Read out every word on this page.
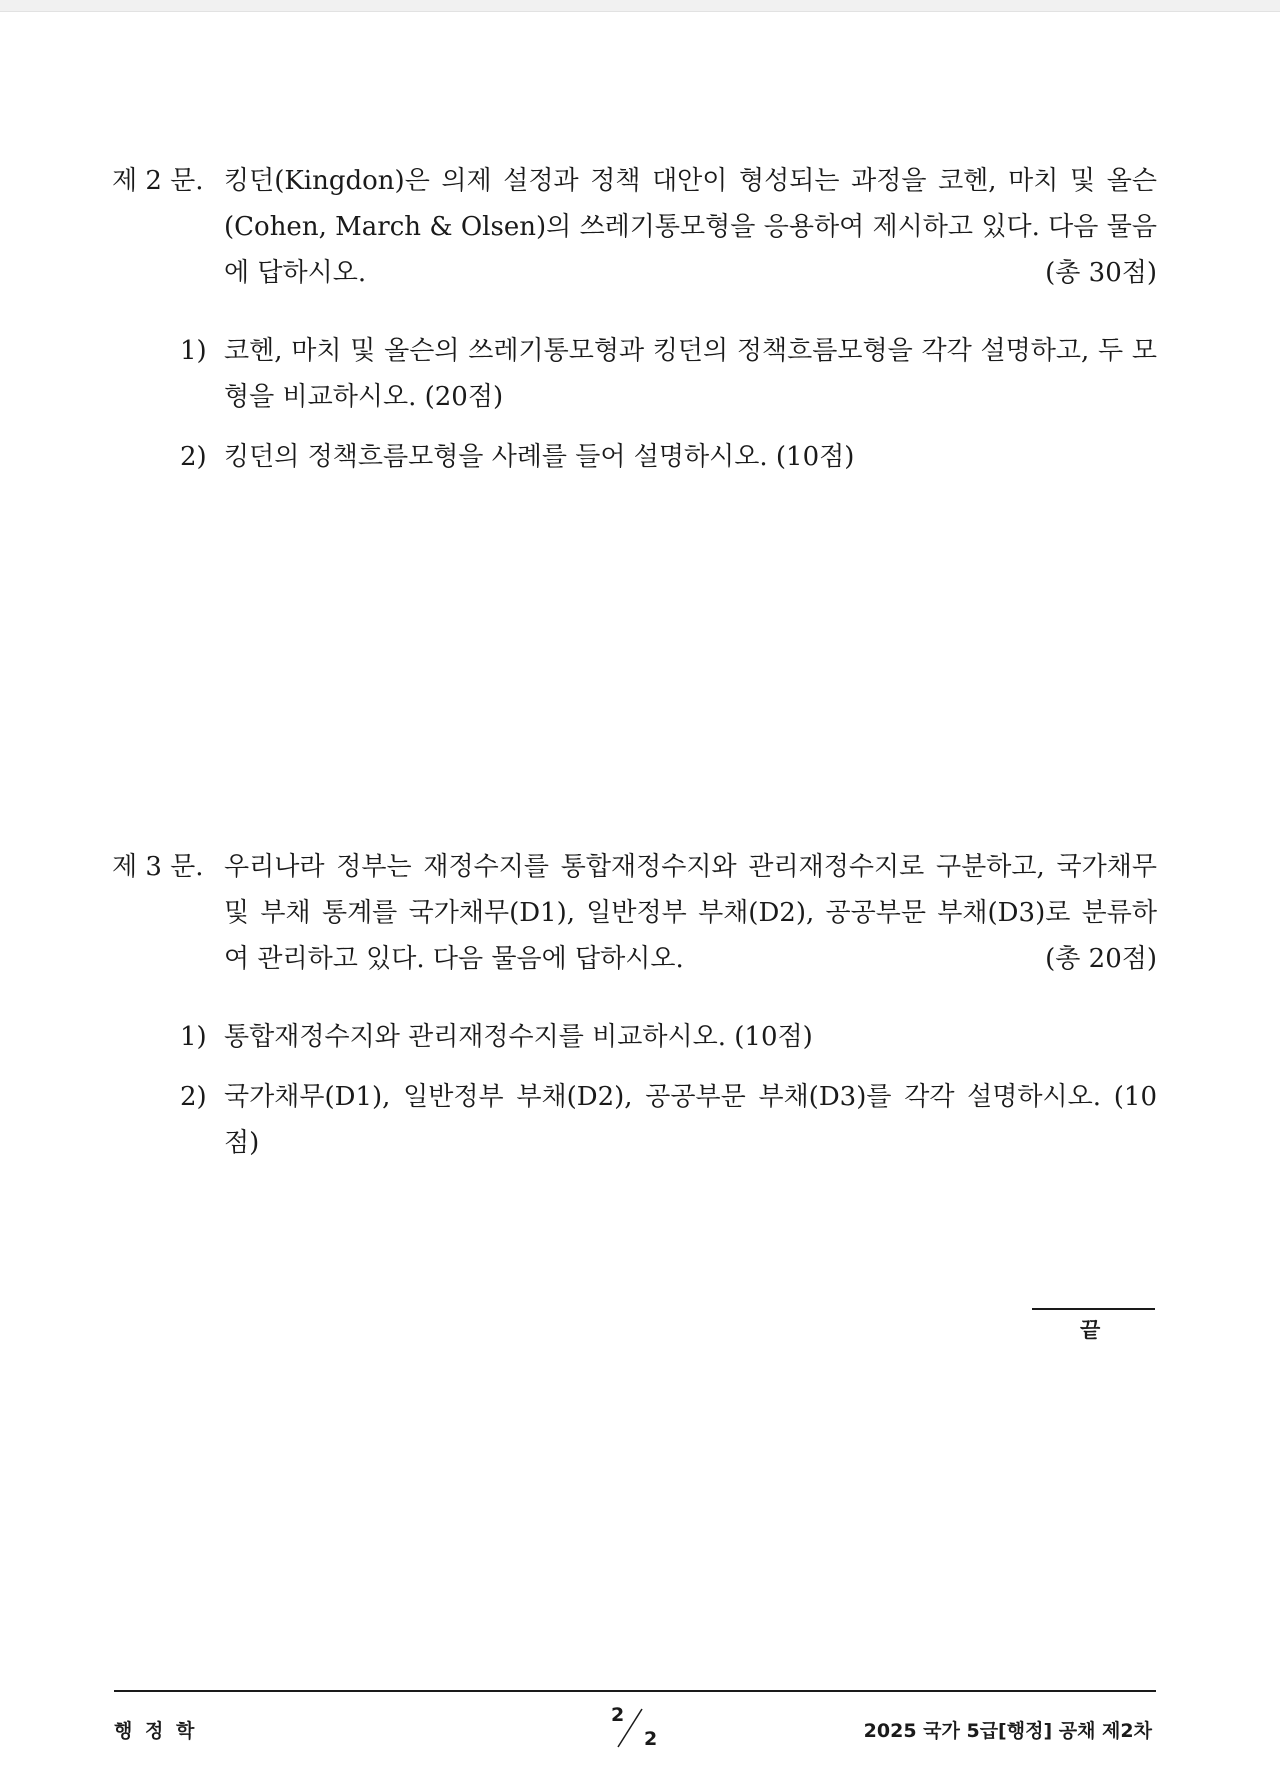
제 2 문. 킹던(Kingdon)은 의제 설정과 정책 대안이 형성되는 과정을 코헨, 마치 및 올슨 (Cohen, March & Olsen)의 쓰레기통모형을 응용하여 제시하고 있다. 다음 물음에 답하시오.	(총 30점)
1) 코헨, 마치 및 올슨의 쓰레기통모형과 킹던의 정책흐름모형을 각각 설명하고, 두 모형을 비교하시오. (20점)
2) 킹던의 정책흐름모형을 사례를 들어 설명하시오. (10점)
제 3 문. 우리나라 정부는 재정수지를 통합재정수지와 관리재정수지로 구분하고, 국가채무 및 부채 통계를 국가채무(D1), 일반정부 부채(D2), 공공부문 부채(D3)로 분류하여 관리하고 있다. 다음 물음에 답하시오.	(총 20점)
1) 통합재정수지와 관리재정수지를 비교하시오. (10점)
2) 국가채무(D1), 일반정부 부채(D2), 공공부문 부채(D3)를 각각 설명하시오. (10점)
끝
행 정 학
2
2	2025 국가 5급[행정] 공채 제2차
